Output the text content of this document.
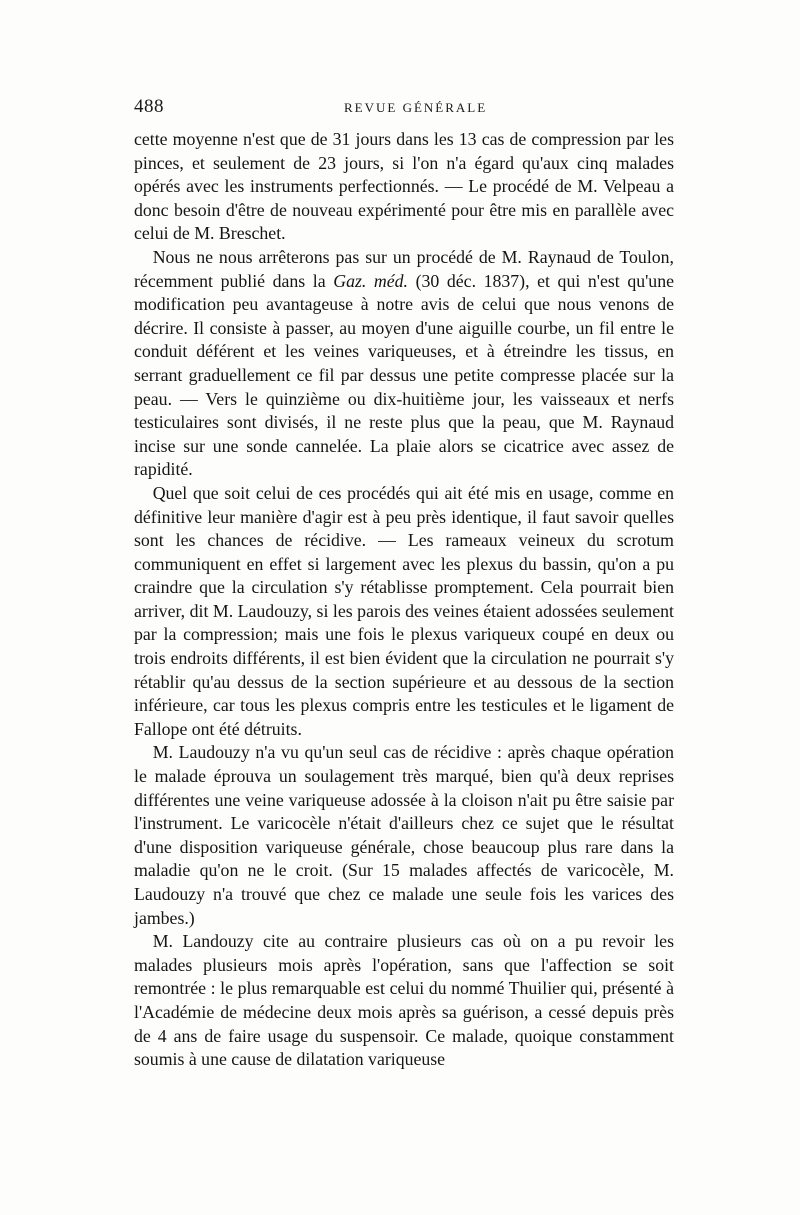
488	REVUE GÉNÉRALE

cette moyenne n'est que de 31 jours dans les 13 cas de compression par les pinces, et seulement de 23 jours, si l'on n'a égard qu'aux cinq malades opérés avec les instruments perfectionnés. — Le procédé de M. Velpeau a donc besoin d'être de nouveau expérimenté pour être mis en parallèle avec celui de M. Breschet.

Nous ne nous arrêterons pas sur un procédé de M. Raynaud de Toulon, récemment publié dans la Gaz. méd. (30 déc. 1837), et qui n'est qu'une modification peu avantageuse à notre avis de celui que nous venons de décrire. Il consiste à passer, au moyen d'une aiguille courbe, un fil entre le conduit déférent et les veines variqueuses, et à étreindre les tissus, en serrant graduellement ce fil par dessus une petite compresse placée sur la peau. — Vers le quinzième ou dix-huitième jour, les vaisseaux et nerfs testiculaires sont divisés, il ne reste plus que la peau, que M. Raynaud incise sur une sonde cannelée. La plaie alors se cicatrice avec assez de rapidité.

Quel que soit celui de ces procédés qui ait été mis en usage, comme en définitive leur manière d'agir est à peu près identique, il faut savoir quelles sont les chances de récidive. — Les rameaux veineux du scrotum communiquent en effet si largement avec les plexus du bassin, qu'on a pu craindre que la circulation s'y rétablisse promptement. Cela pourrait bien arriver, dit M. Laudouzy, si les parois des veines étaient adossées seulement par la compression; mais une fois le plexus variqueux coupé en deux ou trois endroits différents, il est bien évident que la circulation ne pourrait s'y rétablir qu'au dessus de la section supérieure et au dessous de la section inférieure, car tous les plexus compris entre les testicules et le ligament de Fallope ont été détruits.

M. Laudouzy n'a vu qu'un seul cas de récidive : après chaque opération le malade éprouva un soulagement très marqué, bien qu'à deux reprises différentes une veine variqueuse adossée à la cloison n'ait pu être saisie par l'instrument. Le varicocèle n'était d'ailleurs chez ce sujet que le résultat d'une disposition variqueuse générale, chose beaucoup plus rare dans la maladie qu'on ne le croit. (Sur 15 malades affectés de varicocèle, M. Laudouzy n'a trouvé que chez ce malade une seule fois les varices des jambes.)

M. Landouzy cite au contraire plusieurs cas où on a pu revoir les malades plusieurs mois après l'opération, sans que l'affection se soit remontrée : le plus remarquable est celui du nommé Thuilier qui, présenté à l'Académie de médecine deux mois après sa guérison, a cessé depuis près de 4 ans de faire usage du suspensoir. Ce malade, quoique constamment soumis à une cause de dilatation variqueuse
